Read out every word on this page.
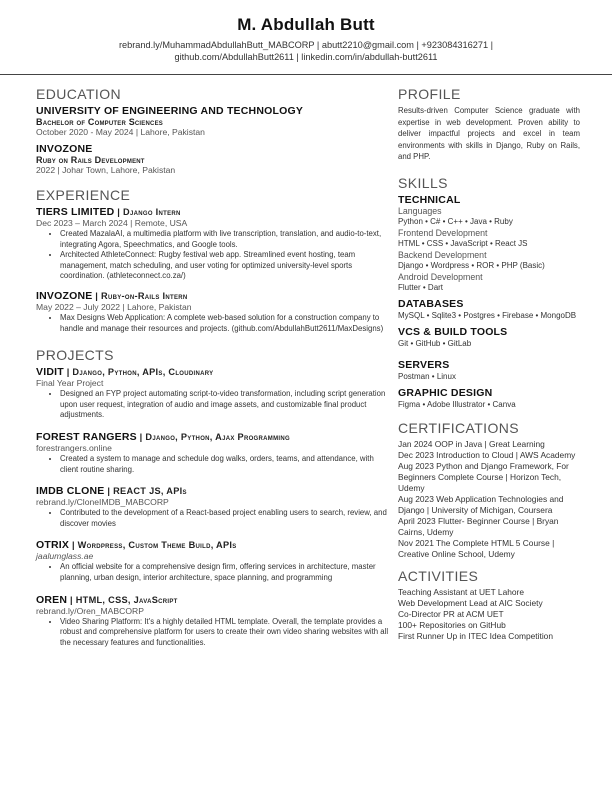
M. Abdullah Butt
rebrand.ly/MuhammadAbdullahButt_MABCORP | abutt2210@gmail.com | +923084316271 |
github.com/AbdullahButt2611 | linkedin.com/in/abdullah-butt2611
EDUCATION
UNIVERSITY OF ENGINEERING AND TECHNOLOGY
Bachelor of Computer Sciences
October 2020 - May 2024 | Lahore, Pakistan
INVOZONE
Ruby on Rails Development
2022 | Johar Town, Lahore, Pakistan
EXPERIENCE
TIERS LIMITED | Django Intern
Dec 2023 – March 2024 | Remote, USA
• Created MazalaAI, a multimedia platform with live transcription, translation, and audio-to-text, integrating Agora, Speechmatics, and Google tools.
• Architected AthleteConnect: Rugby festival web app. Streamlined event hosting, team management, match scheduling, and user voting for optimized university-level sports coordination. (athleteconnect.co.za/)
INVOZONE | Ruby-on-Rails Intern
May 2022 – July 2022 | Lahore, Pakistan
• Max Designs Web Application: A complete web-based solution for a construction company to handle and manage their resources and projects. (github.com/AbdullahButt2611/MaxDesigns)
PROJECTS
VIDIT | Django, Python, APIs, Cloudinary
Final Year Project
• Designed an FYP project automating script-to-video transformation, including script generation upon user request, integration of audio and image assets, and customizable final product adjustments.
FOREST RANGERS | Django, Python, Ajax Programming
forestrangers.online
• Created a system to manage and schedule dog walks, orders, teams, and attendance, with client routine sharing.
IMDB CLONE | REACT JS, APIs
rebrand.ly/CloneIMDB_MABCORP
• Contributed to the development of a React-based project enabling users to search, review, and discover movies
OTRIX | Wordpress, Custom Theme Build, APIs
jaalumglass.ae
• An official website for a comprehensive design firm, offering services in architecture, master planning, urban design, interior architecture, space planning, and programming
OREN | HTML, CSS, JavaScript
rebrand.ly/Oren_MABCORP
• Video Sharing Platform: It's a highly detailed HTML template. Overall, the template provides a robust and comprehensive platform for users to create their own video sharing websites with all the necessary features and functionalities.
PROFILE
Results-driven Computer Science graduate with expertise in web development. Proven ability to deliver impactful projects and excel in team environments with skills in Django, Ruby on Rails, and PHP.
SKILLS
TECHNICAL
Languages
Python • C# • C++ • Java • Ruby
Frontend Development
HTML • CSS • JavaScript • React JS
Backend Development
Django • Wordpress • ROR • PHP (Basic)
Android Development
Flutter • Dart
DATABASES
MySQL • Sqlite3 • Postgres • Firebase • MongoDB
VCS & BUILD TOOLS
Git • GitHub • GitLab
SERVERS
Postman • Linux
GRAPHIC DESIGN
Figma • Adobe Illustrator • Canva
CERTIFICATIONS
Jan 2024 OOP in Java | Great Learning
Dec 2023 Introduction to Cloud | AWS Academy
Aug 2023 Python and Django Framework, For Beginners Complete Course | Horizon Tech, Udemy
Aug 2023 Web Application Technologies and Django | University of Michigan, Coursera
April 2023 Flutter- Beginner Course | Bryan Cairns, Udemy
Nov 2021 The Complete HTML 5 Course | Creative Online School, Udemy
ACTIVITIES
Teaching Assistant at UET Lahore
Web Development Lead at AIC Society
Co-Director PR at ACM UET
100+ Repositories on GitHub
First Runner Up in ITEC Idea Competition
